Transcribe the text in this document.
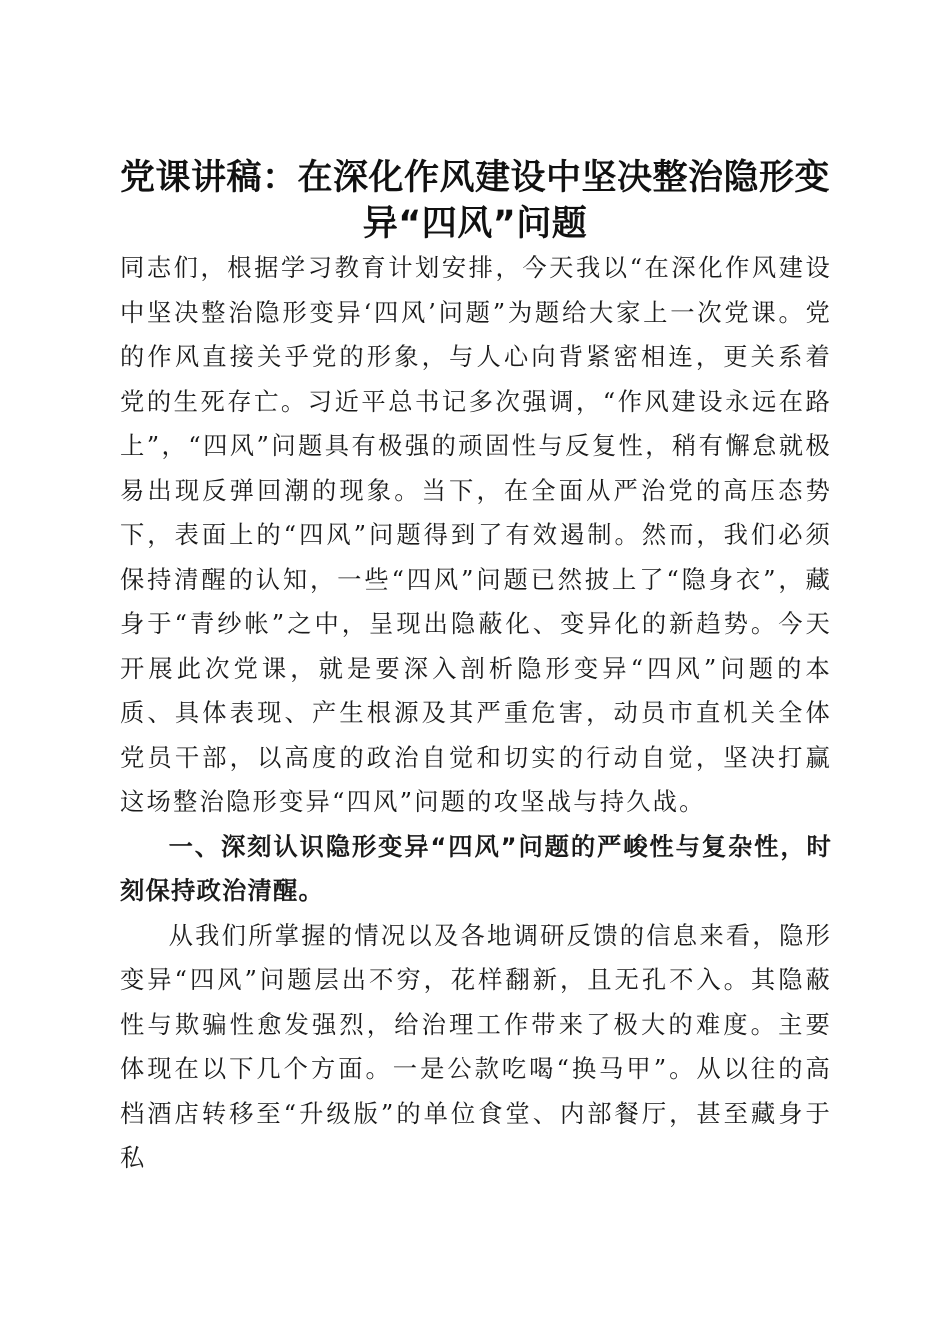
党课讲稿：在深化作风建设中坚决整治隐形变
异“四风”问题

同志们，根据学习教育计划安排，今天我以“在深化作风建设中坚决整治隐形变异‘四风’问题”为题给大家上一次党课。党的作风直接关乎党的形象，与人心向背紧密相连，更关系着党的生死存亡。习近平总书记多次强调，“作风建设永远在路上”，“四风”问题具有极强的顽固性与反复性，稍有懈怠就极易出现反弹回潮的现象。当下，在全面从严治党的高压态势下，表面上的“四风”问题得到了有效遏制。然而，我们必须保持清醒的认知，一些“四风”问题已然披上了“隐身衣”，藏身于“青纱帐”之中，呈现出隐蔽化、变异化的新趋势。今天开展此次党课，就是要深入剖析隐形变异“四风”问题的本质、具体表现、产生根源及其严重危害，动员市直机关全体党员干部，以高度的政治自觉和切实的行动自觉，坚决打赢这场整治隐形变异“四风”问题的攻坚战与持久战。

一、深刻认识隐形变异“四风”问题的严峻性与复杂性，时刻保持政治清醒。

从我们所掌握的情况以及各地调研反馈的信息来看，隐形变异“四风”问题层出不穷，花样翻新，且无孔不入。其隐蔽性与欺骗性愈发强烈，给治理工作带来了极大的难度。主要体现在以下几个方面。一是公款吃喝“换马甲”。从以往的高档酒店转移至“升级版”的单位食堂、内部餐厅，甚至藏身于私
